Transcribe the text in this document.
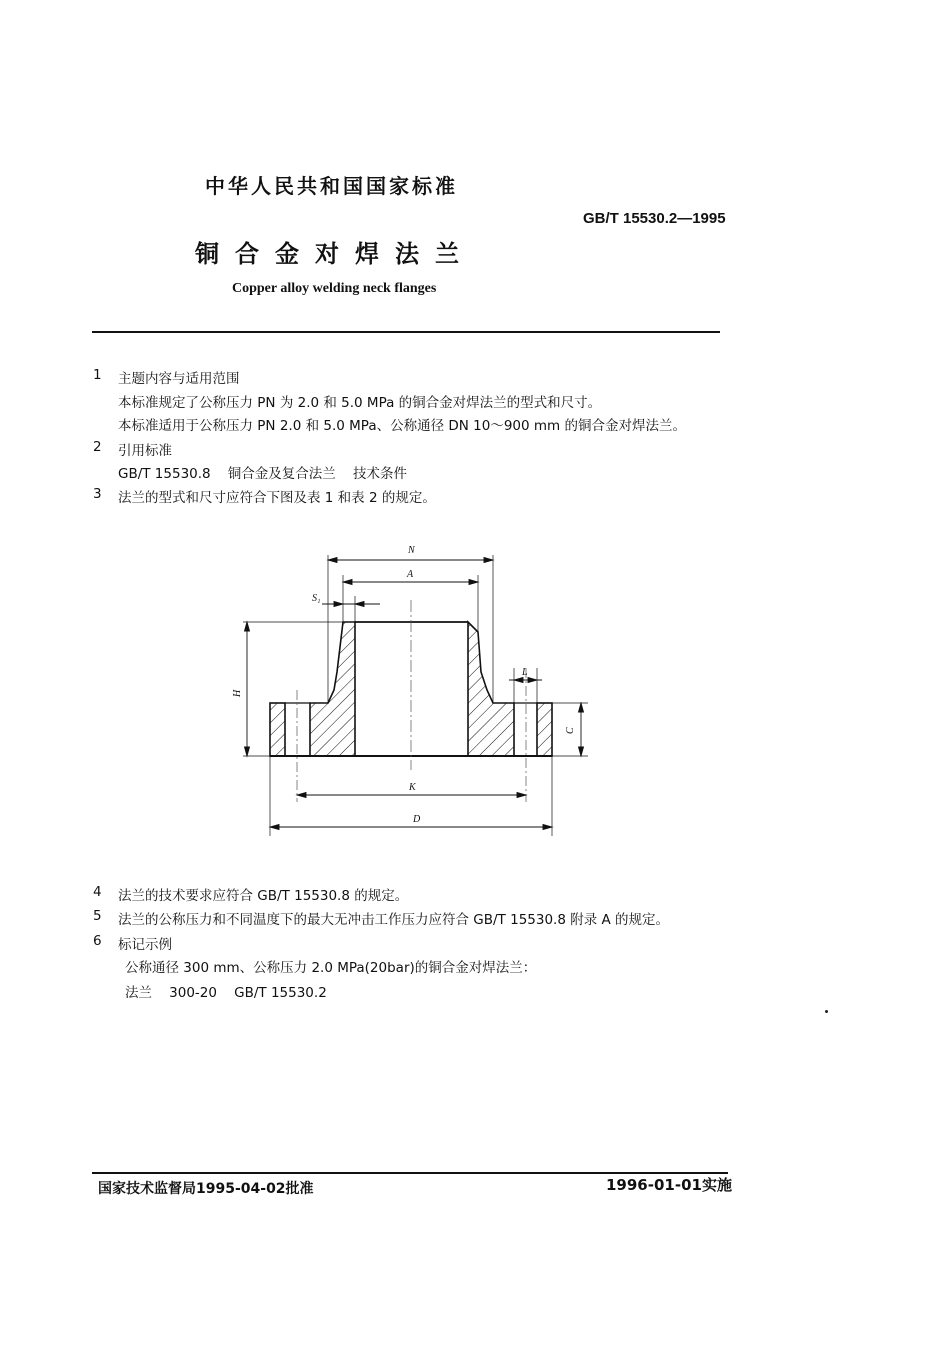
中华人民共和国国家标准
GB/T 15530.2—1995
铜合金对焊法兰
Copper alloy welding neck flanges
1 主题内容与适用范围
本标准规定了公称压力 PN 为 2.0 和 5.0 MPa 的铜合金对焊法兰的型式和尺寸。
本标准适用于公称压力 PN 2.0 和 5.0 MPa、公称通径 DN 10～900 mm 的铜合金对焊法兰。
2 引用标准
GB/T 15530.8    铜合金及复合法兰    技术条件
3 法兰的型式和尺寸应符合下图及表 1 和表 2 的规定。
N
A
S₁
H
L
C
K
D
4 法兰的技术要求应符合 GB/T 15530.8 的规定。
5 法兰的公称压力和不同温度下的最大无冲击工作压力应符合 GB/T 15530.8 附录 A 的规定。
6 标记示例
公称通径 300 mm、公称压力 2.0 MPa(20bar)的铜合金对焊法兰：
法兰    300-20    GB/T 15530.2
国家技术监督局1995-04-02批准	1996-01-01实施
